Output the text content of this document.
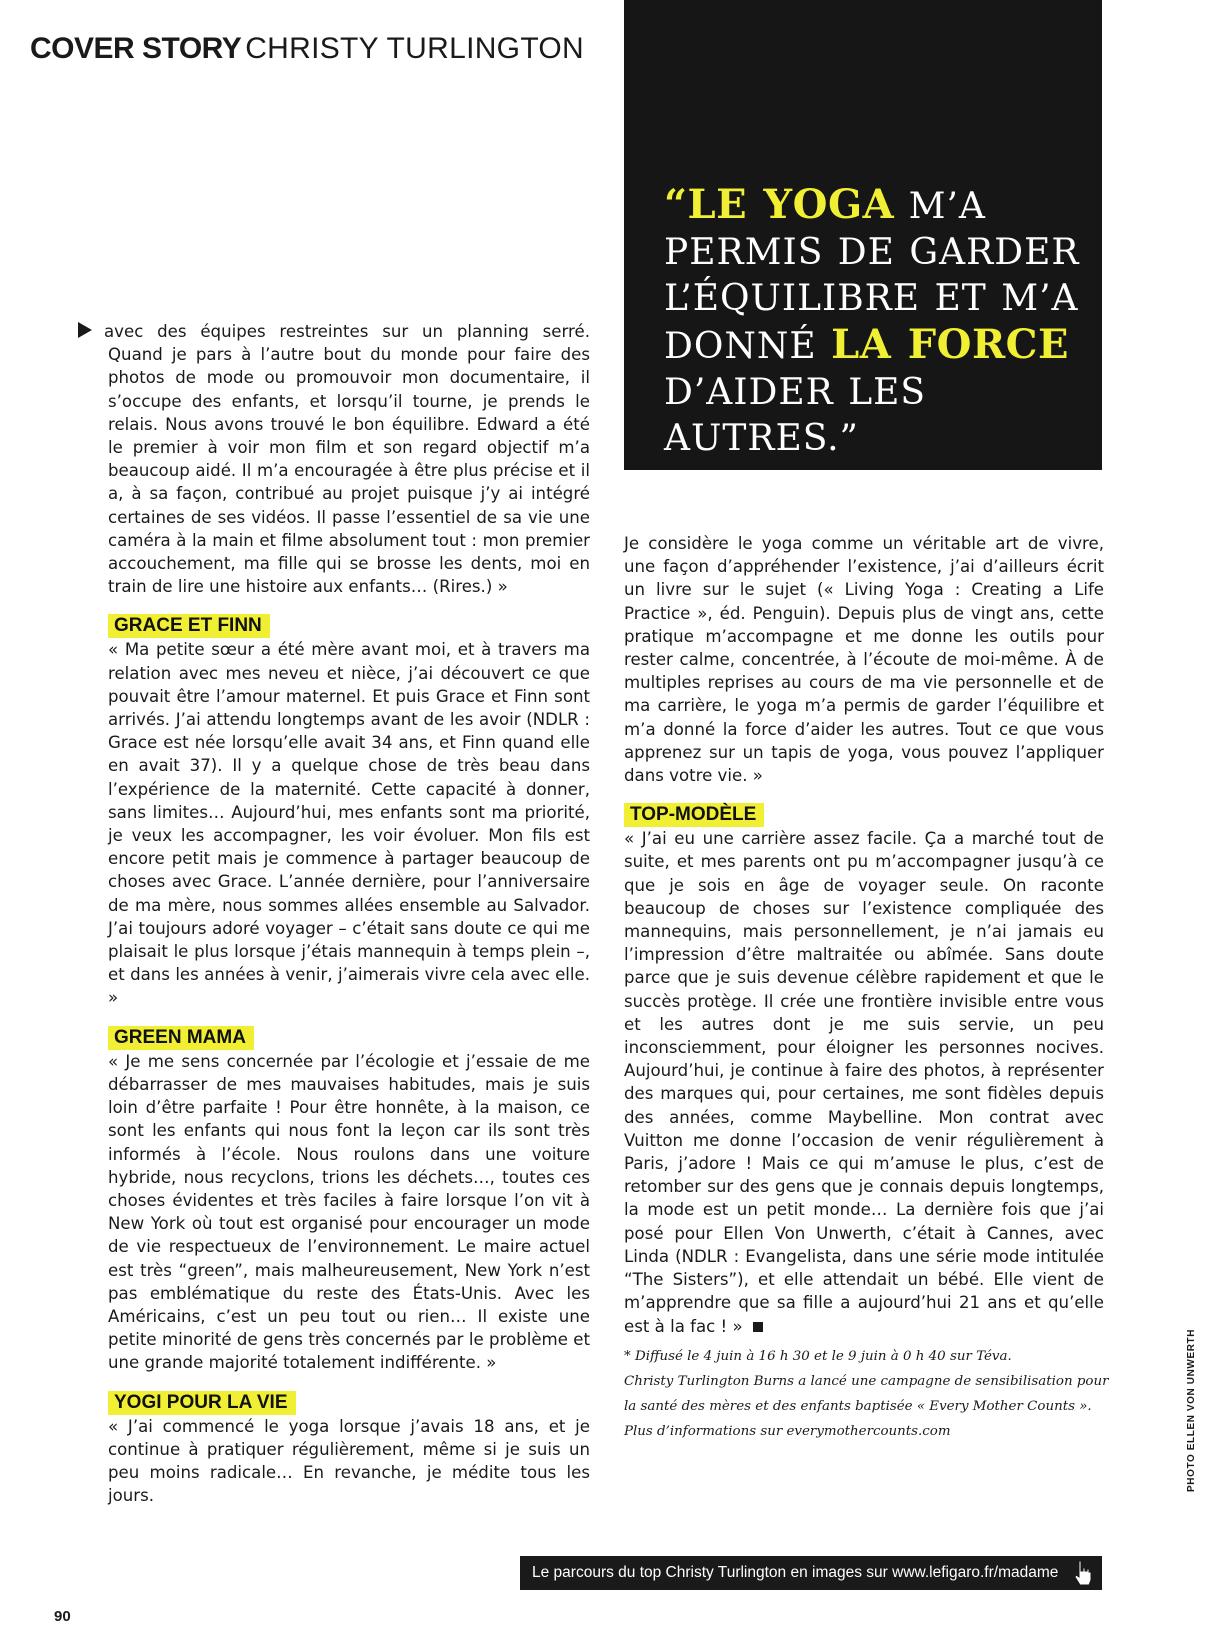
COVER STORY CHRISTY TURLINGTON
“LE YOGA M’A PERMIS DE GARDER L’ÉQUILIBRE ET M’A DONNÉ LA FORCE D’AIDER LES AUTRES.”

avec des équipes restreintes sur un planning serré. Quand je pars à l’autre bout du monde pour faire des photos de mode ou promouvoir mon documentaire, il s’occupe des enfants, et lorsqu’il tourne, je prends le relais. Nous avons trouvé le bon équilibre. Edward a été le premier à voir mon film et son regard objectif m’a beaucoup aidé. Il m’a encouragée à être plus précise et il a, à sa façon, contribué au projet puisque j’y ai intégré certaines de ses vidéos. Il passe l’essentiel de sa vie une caméra à la main et filme absolument tout : mon premier accouchement, ma fille qui se brosse les dents, moi en train de lire une histoire aux enfants… (Rires.) »

GRACE ET FINN

« Ma petite sœur a été mère avant moi, et à travers ma relation avec mes neveu et nièce, j’ai découvert ce que pouvait être l’amour maternel. Et puis Grace et Finn sont arrivés. J’ai attendu longtemps avant de les avoir (NDLR : Grace est née lorsqu’elle avait 34 ans, et Finn quand elle en avait 37). Il y a quelque chose de très beau dans l’expérience de la maternité. Cette capacité à donner, sans limites… Aujourd’hui, mes enfants sont ma priorité, je veux les accompagner, les voir évoluer. Mon fils est encore petit mais je commence à partager beaucoup de choses avec Grace. L’année dernière, pour l’anniversaire de ma mère, nous sommes allées ensemble au Salvador. J’ai toujours adoré voyager – c’était sans doute ce qui me plaisait le plus lorsque j’étais mannequin à temps plein –, et dans les années à venir, j’aimerais vivre cela avec elle. »

GREEN MAMA

« Je me sens concernée par l’écologie et j’essaie de me débarrasser de mes mauvaises habitudes, mais je suis loin d’être parfaite ! Pour être honnête, à la maison, ce sont les enfants qui nous font la leçon car ils sont très informés à l’école. Nous roulons dans une voiture hybride, nous recyclons, trions les déchets…, toutes ces choses évidentes et très faciles à faire lorsque l’on vit à New York où tout est organisé pour encourager un mode de vie respectueux de l’environnement. Le maire actuel est très “green”, mais malheureusement, New York n’est pas emblématique du reste des États-Unis. Avec les Américains, c’est un peu tout ou rien… Il existe une petite minorité de gens très concernés par le problème et une grande majorité totalement indifférente. »

YOGI POUR LA VIE

« J’ai commencé le yoga lorsque j’avais 18 ans, et je continue à pratiquer régulièrement, même si je suis un peu moins radicale… En revanche, je médite tous les jours.

Je considère le yoga comme un véritable art de vivre, une façon d’appréhender l’existence, j’ai d’ailleurs écrit un livre sur le sujet (« Living Yoga : Creating a Life Practice », éd. Penguin). Depuis plus de vingt ans, cette pratique m’accompagne et me donne les outils pour rester calme, concentrée, à l’écoute de moi-même. À de multiples reprises au cours de ma vie personnelle et de ma carrière, le yoga m’a permis de garder l’équilibre et m’a donné la force d’aider les autres. Tout ce que vous apprenez sur un tapis de yoga, vous pouvez l’appliquer dans votre vie. »

TOP-MODÈLE

« J’ai eu une carrière assez facile. Ça a marché tout de suite, et mes parents ont pu m’accompagner jusqu’à ce que je sois en âge de voyager seule. On raconte beaucoup de choses sur l’existence compliquée des mannequins, mais personnellement, je n’ai jamais eu l’impression d’être maltraitée ou abîmée. Sans doute parce que je suis devenue célèbre rapidement et que le succès protège. Il crée une frontière invisible entre vous et les autres dont je me suis servie, un peu inconsciemment, pour éloigner les personnes nocives. Aujourd’hui, je continue à faire des photos, à représenter des marques qui, pour certaines, me sont fidèles depuis des années, comme Maybelline. Mon contrat avec Vuitton me donne l’occasion de venir régulièrement à Paris, j’adore ! Mais ce qui m’amuse le plus, c’est de retomber sur des gens que je connais depuis longtemps, la mode est un petit monde… La dernière fois que j’ai posé pour Ellen Von Unwerth, c’était à Cannes, avec Linda (NDLR : Evangelista, dans une série mode intitulée “The Sisters”), et elle attendait un bébé. Elle vient de m’apprendre que sa fille a aujourd’hui 21 ans et qu’elle est à la fac ! »

* Diffusé le 4 juin à 16 h 30 et le 9 juin à 0 h 40 sur Téva.
Christy Turlington Burns a lancé une campagne de sensibilisation pour
la santé des mères et des enfants baptisée « Every Mother Counts ».
Plus d’informations sur everymothercounts.com	PHOTO ELLEN VON UNWERTH
Le parcours du top Christy Turlington en images sur www.lefigaro.fr/madame
90
